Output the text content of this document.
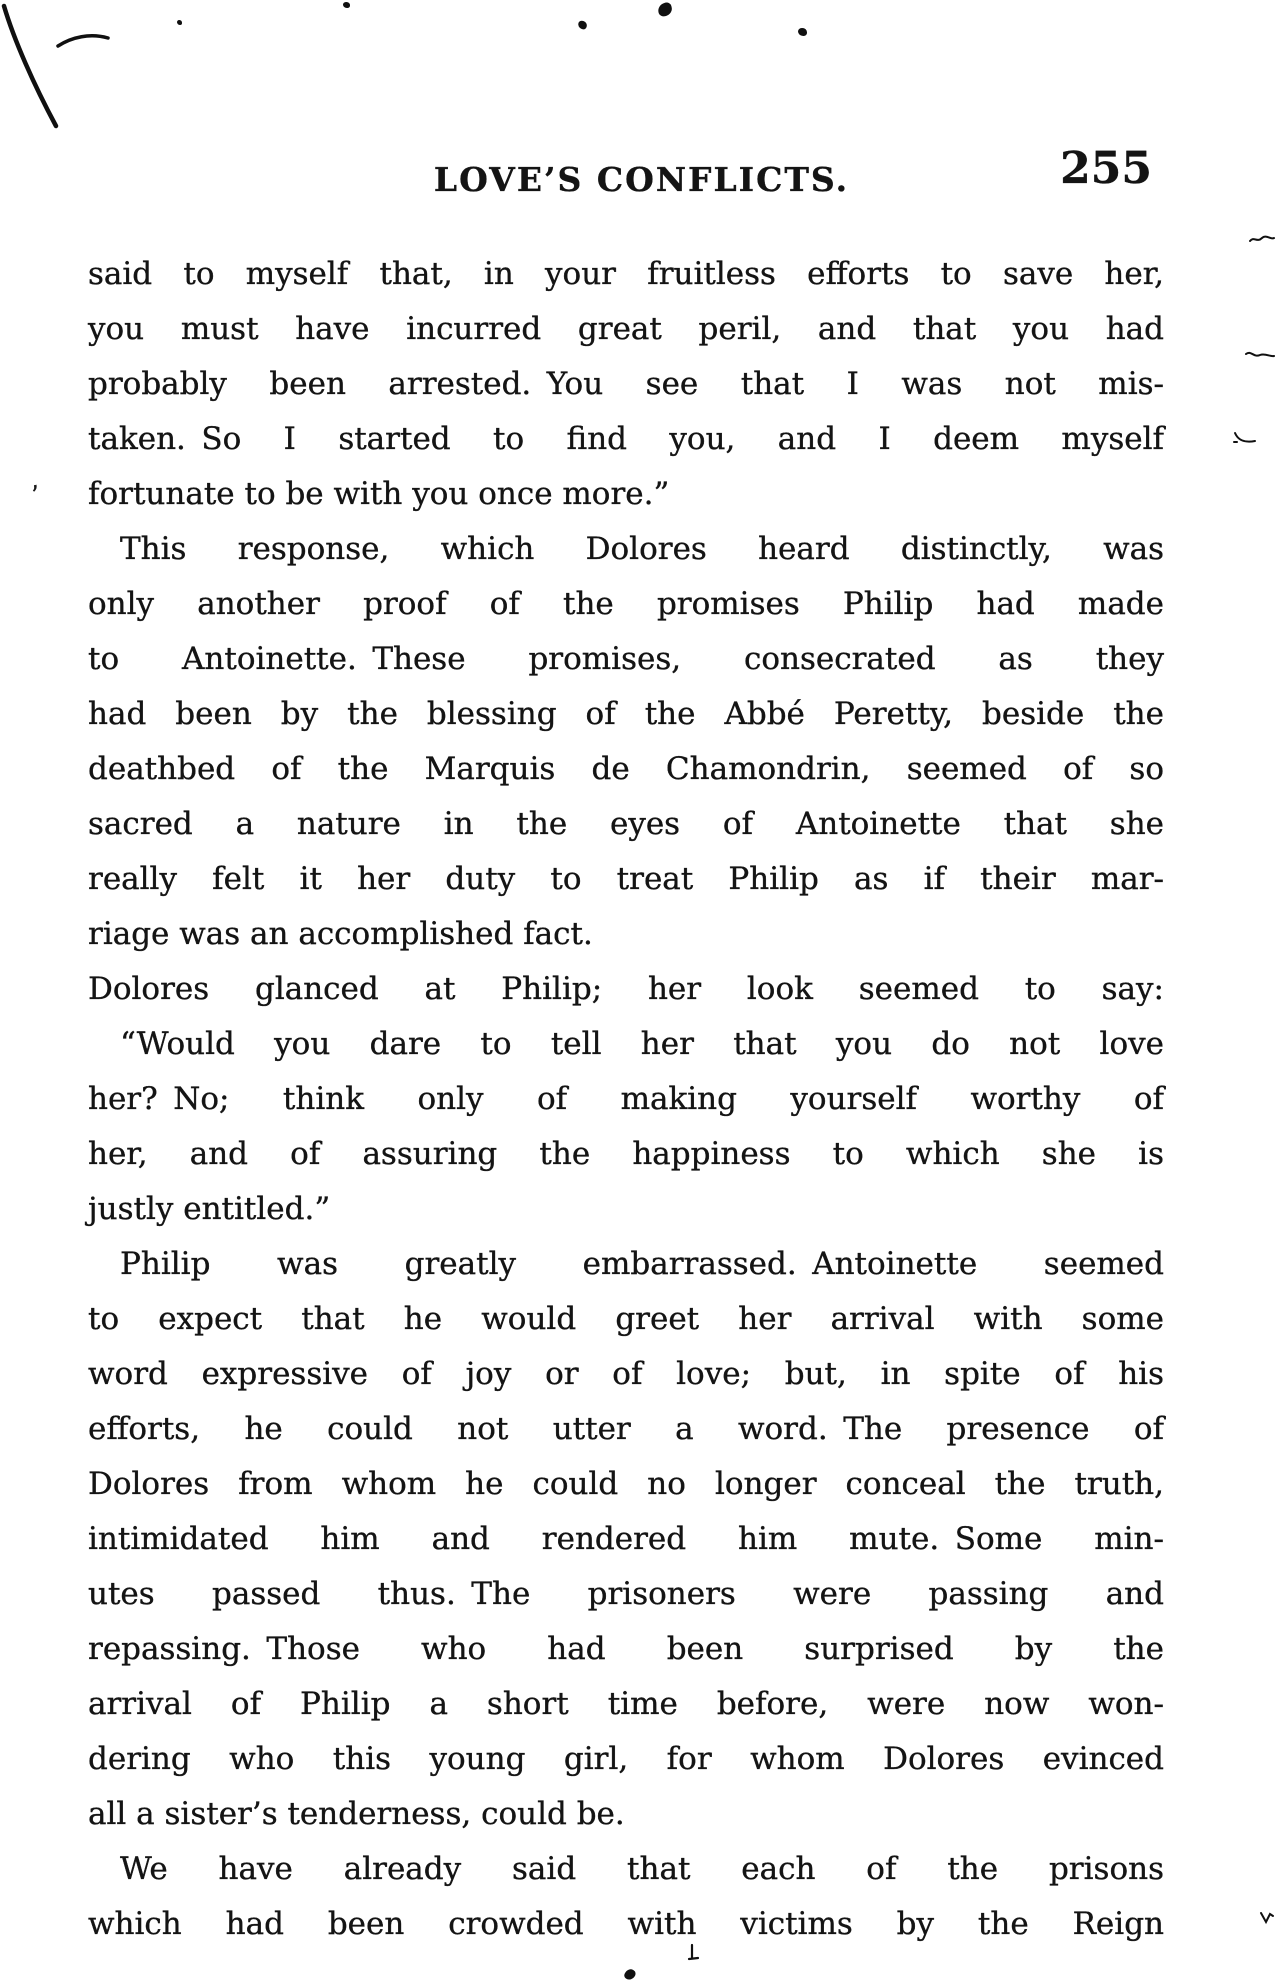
LOVE’S CONFLICTS.	255
said to myself that, in your fruitless efforts to save her,
you must have incurred great peril, and that you had
probably been arrested. You see that I was not mis-
taken. So I started to find you, and I deem myself
fortunate to be with you once more.”
This response, which Dolores heard distinctly, was
only another proof of the promises Philip had made
to Antoinette. These promises, consecrated as they
had been by the blessing of the Abbé Peretty, beside the
deathbed of the Marquis de Chamondrin, seemed of so
sacred a nature in the eyes of Antoinette that she
really felt it her duty to treat Philip as if their mar-
riage was an accomplished fact.
Dolores glanced at Philip; her look seemed to say:
“Would you dare to tell her that you do not love
her? No; think only of making yourself worthy of
her, and of assuring the happiness to which she is
justly entitled.”
Philip was greatly embarrassed. Antoinette seemed
to expect that he would greet her arrival with some
word expressive of joy or of love; but, in spite of his
efforts, he could not utter a word. The presence of
Dolores from whom he could no longer conceal the truth,
intimidated him and rendered him mute. Some min-
utes passed thus. The prisoners were passing and
repassing. Those who had been surprised by the
arrival of Philip a short time before, were now won-
dering who this young girl, for whom Dolores evinced
all a sister’s tenderness, could be.
We have already said that each of the prisons
which had been crowded with victims by the Reign
,
